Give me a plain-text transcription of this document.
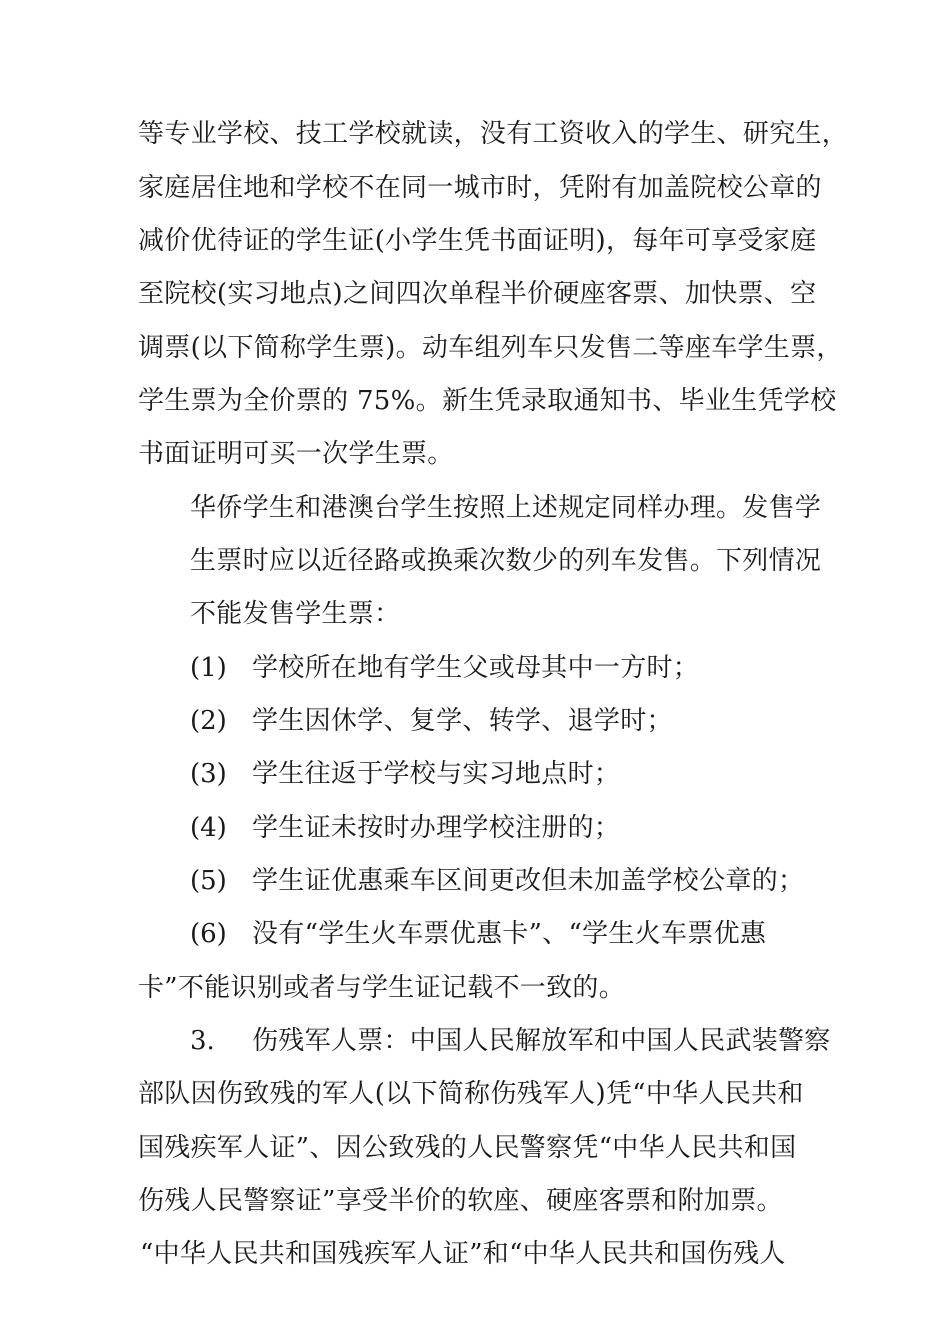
等专业学校、技工学校就读，没有工资收入的学生、研究生，
家庭居住地和学校不在同一城市时，凭附有加盖院校公章的
减价优待证的学生证(小学生凭书面证明)，每年可享受家庭
至院校(实习地点)之间四次单程半价硬座客票、加快票、空
调票(以下简称学生票)。动车组列车只发售二等座车学生票，
学生票为全价票的 75%。新生凭录取通知书、毕业生凭学校
书面证明可买一次学生票。
华侨学生和港澳台学生按照上述规定同样办理。发售学
生票时应以近径路或换乘次数少的列车发售。下列情况
不能发售学生票：
(1) 学校所在地有学生父或母其中一方时；
(2) 学生因休学、复学、转学、退学时；
(3) 学生往返于学校与实习地点时；
(4) 学生证未按时办理学校注册的；
(5) 学生证优惠乘车区间更改但未加盖学校公章的；
(6) 没有“学生火车票优惠卡”、“学生火车票优惠
卡”不能识别或者与学生证记载不一致的。
3. 伤残军人票：中国人民解放军和中国人民武装警察
部队因伤致残的军人(以下简称伤残军人)凭“中华人民共和
国残疾军人证”、因公致残的人民警察凭“中华人民共和国
伤残人民警察证”享受半价的软座、硬座客票和附加票。
“中华人民共和国残疾军人证”和“中华人民共和国伤残人
